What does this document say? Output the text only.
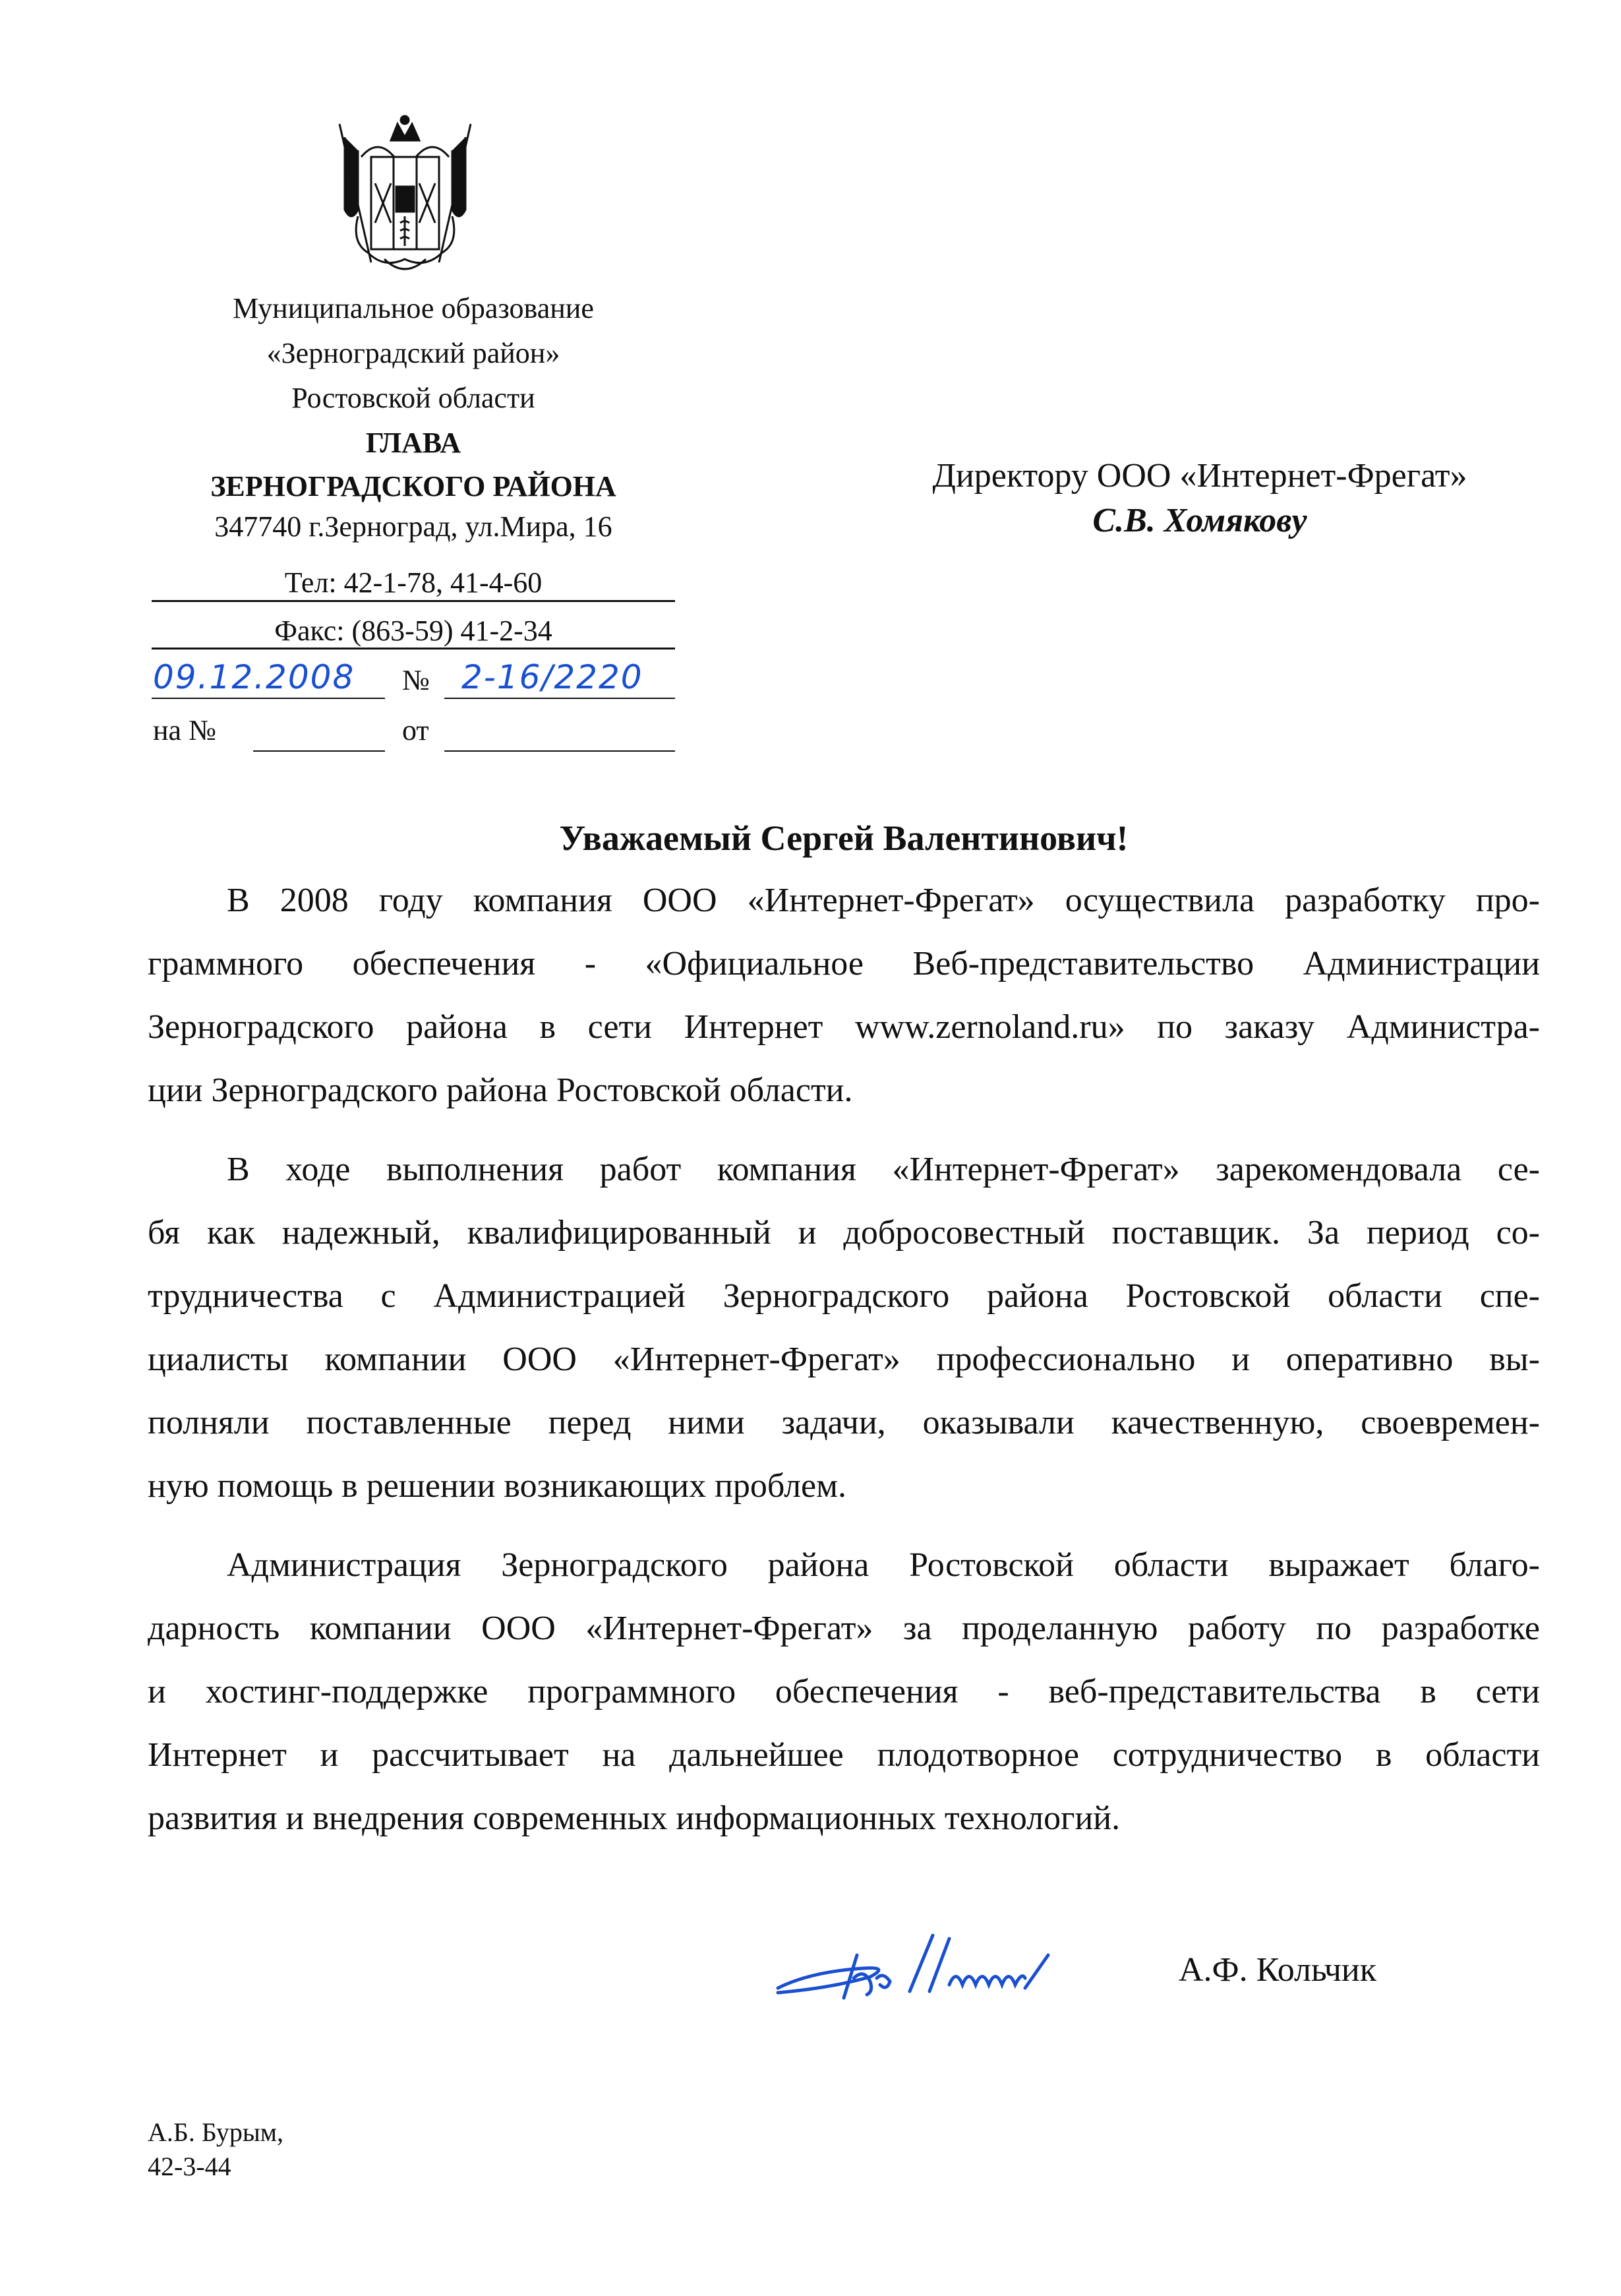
Муниципальное образование
«Зерноградский район»
Ростовской области
ГЛАВА
ЗЕРНОГРАДСКОГО РАЙОНА
347740 г.Зерноград, ул.Мира, 16
Тел: 42-1-78, 41-4-60
Факс: (863-59) 41-2-34
09.12.2008 № 2-16/2220
на №	от
Директору ООО «Интернет-Фрегат»
С.В. Хомякову
Уважаемый Сергей Валентинович!

В 2008 году компания ООО «Интернет-Фрегат» осуществила разработку про-
граммного обеспечения - «Официальное Веб-представительство Администрации
Зерноградского района в сети Интернет www.zernoland.ru» по заказу Администра-
ции Зерноградского района Ростовской области.

В ходе выполнения работ компания «Интернет-Фрегат» зарекомендовала се-
бя как надежный, квалифицированный и добросовестный поставщик. За период со-
трудничества с Администрацией Зерноградского района Ростовской области спе-
циалисты компании ООО «Интернет-Фрегат» профессионально и оперативно вы-
полняли поставленные перед ними задачи, оказывали качественную, своевремен-
ную помощь в решении возникающих проблем.

Администрация Зерноградского района Ростовской области выражает благо-
дарность компании ООО «Интернет-Фрегат» за проделанную работу по разработке
и хостинг-поддержке программного обеспечения - веб-представительства в сети
Интернет и рассчитывает на дальнейшее плодотворное сотрудничество в области
развития и внедрения современных информационных технологий.

А.Ф. Кольчик
А.Б. Бурым,
42-3-44
